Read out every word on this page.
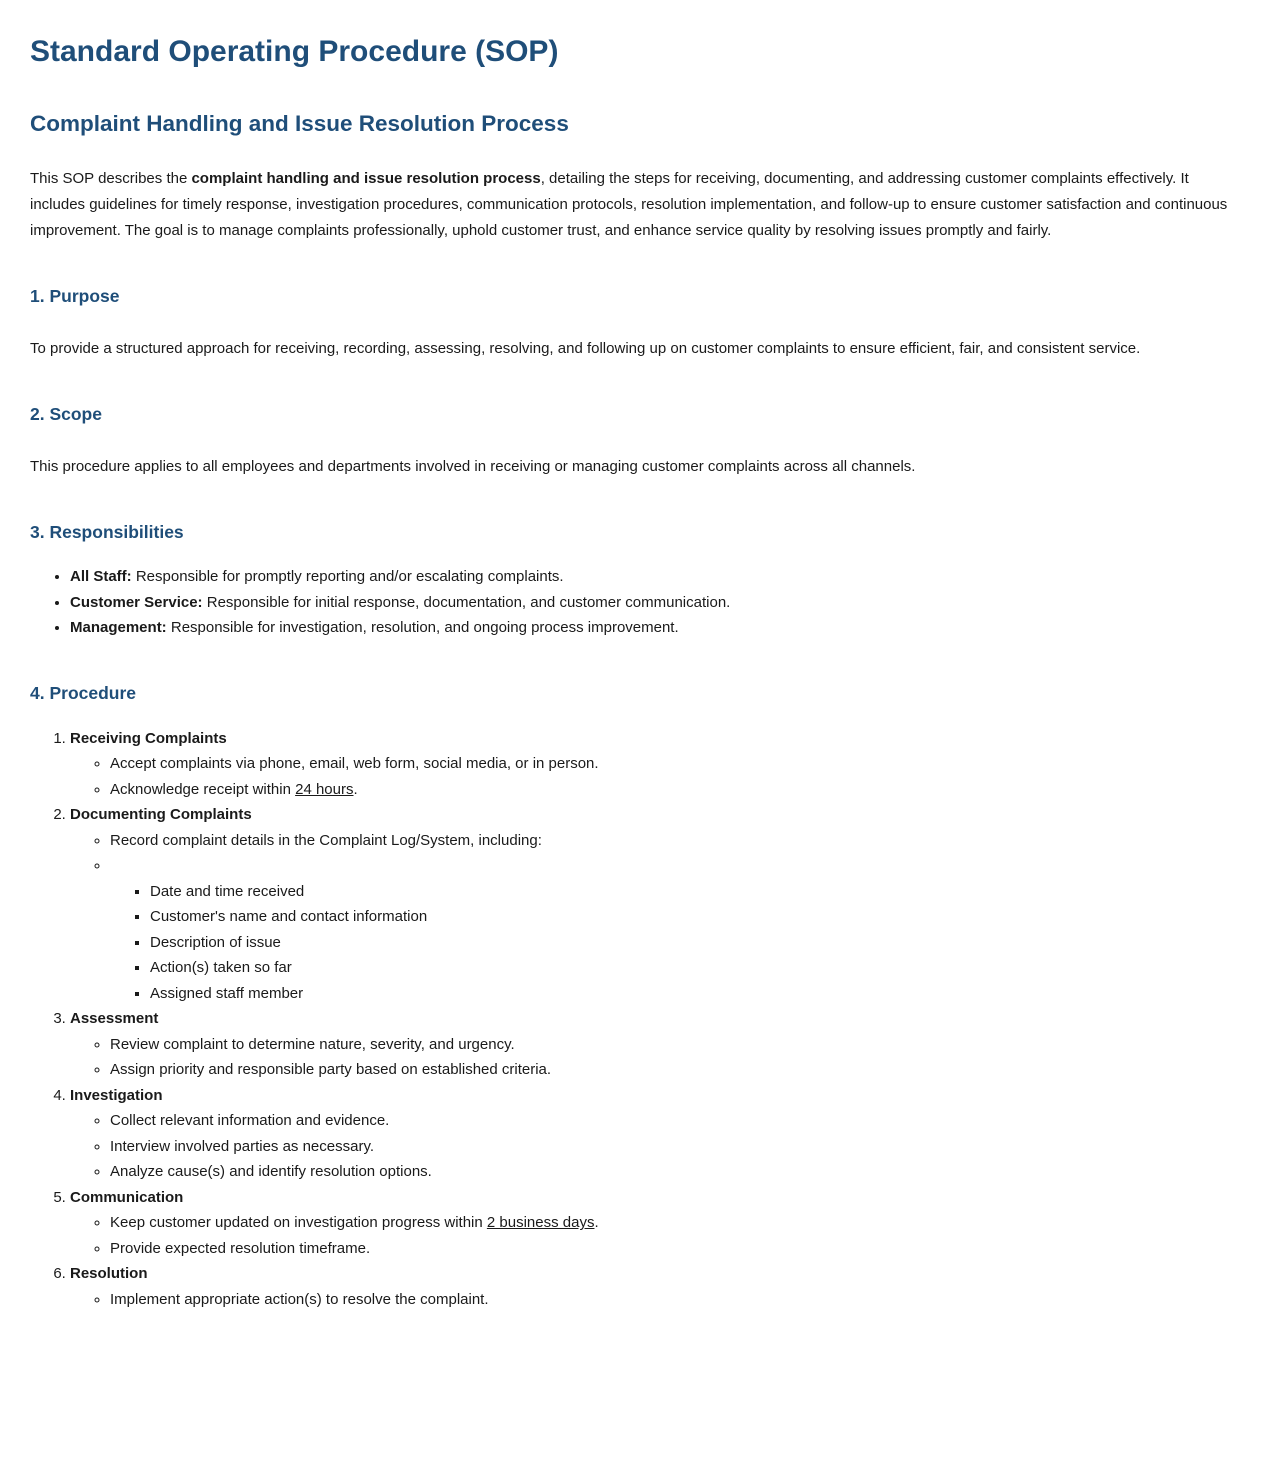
Standard Operating Procedure (SOP)
Complaint Handling and Issue Resolution Process

This SOP describes the complaint handling and issue resolution process, detailing the steps for receiving, documenting, and addressing customer complaints effectively. It includes guidelines for timely response, investigation procedures, communication protocols, resolution implementation, and follow-up to ensure customer satisfaction and continuous improvement. The goal is to manage complaints professionally, uphold customer trust, and enhance service quality by resolving issues promptly and fairly.

1. Purpose

To provide a structured approach for receiving, recording, assessing, resolving, and following up on customer complaints to ensure efficient, fair, and consistent service.

2. Scope

This procedure applies to all employees and departments involved in receiving or managing customer complaints across all channels.

3. Responsibilities
• All Staff: Responsible for promptly reporting and/or escalating complaints.
• Customer Service: Responsible for initial response, documentation, and customer communication.
• Management: Responsible for investigation, resolution, and ongoing process improvement.
4. Procedure
1. Receiving Complaints
◦ Accept complaints via phone, email, web form, social media, or in person.
◦ Acknowledge receipt within 24 hours.
2. Documenting Complaints
◦ Record complaint details in the Complaint Log/System, including:
▪ ◦ Date and time received
▪ Customer's name and contact information
▪ Description of issue
▪ Action(s) taken so far
▪ Assigned staff member
3. Assessment
◦ Review complaint to determine nature, severity, and urgency.
◦ Assign priority and responsible party based on established criteria.
4. Investigation
◦ Collect relevant information and evidence.
◦ Interview involved parties as necessary.
◦ Analyze cause(s) and identify resolution options.
5. Communication
◦ Keep customer updated on investigation progress within 2 business days.
◦ Provide expected resolution timeframe.
6. Resolution
◦ Implement appropriate action(s) to resolve the complaint.
